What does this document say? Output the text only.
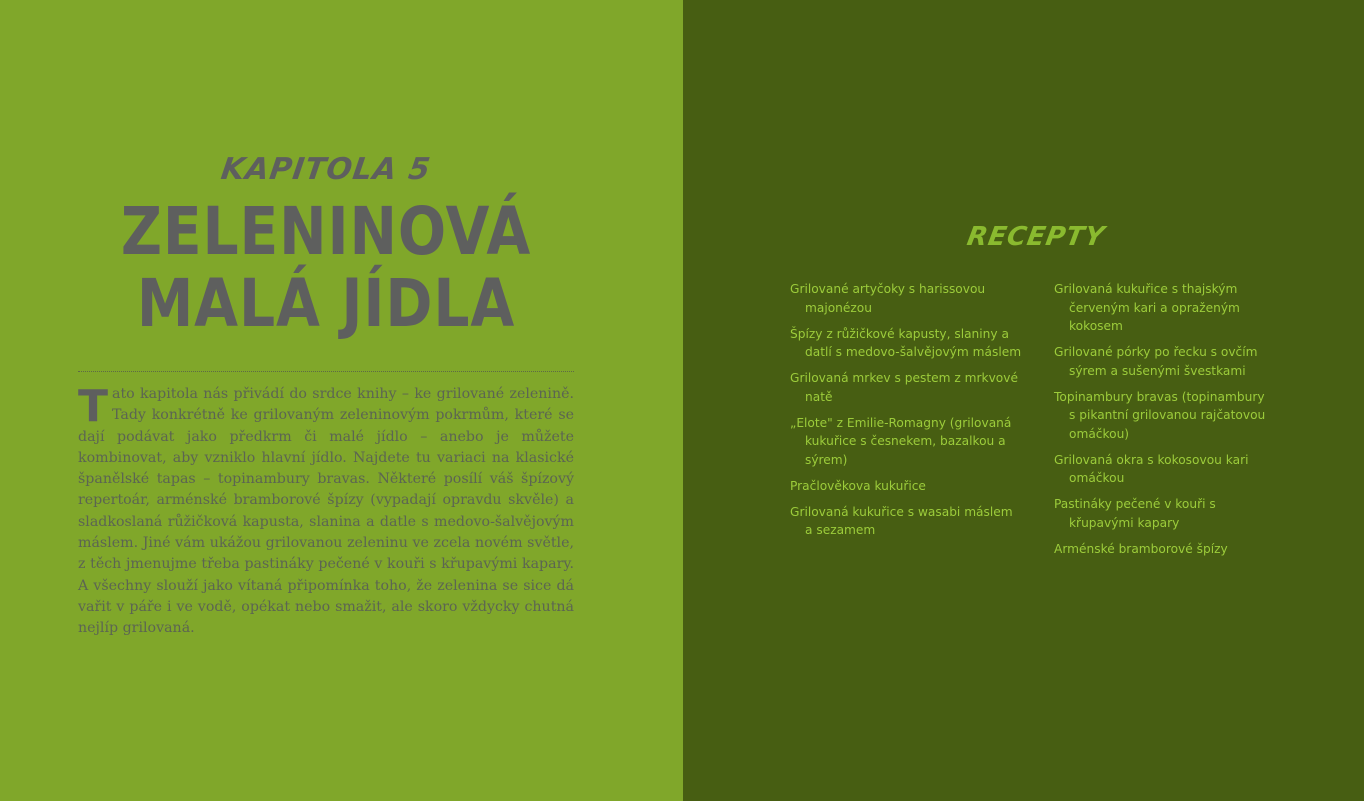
KAPITOLA 5
ZELENINOVÁ
MALÁ JÍDLA

Tato kapitola nás přivádí do srdce knihy – ke grilované zelenině. Tady konkrétně ke grilovaným zeleninovým pokrmům, které se dají podávat jako předkrm či malé jídlo – anebo je můžete kombinovat, aby vzniklo hlavní jídlo. Najdete tu variaci na klasické španělské tapas – topinambury bravas. Některé posílí váš špízový repertoár, arménské bramborové špízy (vypadají opravdu skvěle) a sladkoslaná růžičková kapusta, slanina a datle s medovo-šalvějovým máslem. Jiné vám ukážou grilovanou zeleninu ve zcela novém světle, z těch jmenujme třeba pastináky pečené v kouři s křupavými kapary. A všechny slouží jako vítaná připomínka toho, že zelenina se sice dá vařit v páře i ve vodě, opékat nebo smažit, ale skoro vždycky chutná nejlíp grilovaná.

RECEPTY
Grilované artyčoky s harissovou majonézou
Špízy z růžičkové kapusty, slaniny a datlí s medovo-šalvějovým máslem
Grilovaná mrkev s pestem z mrkvové natě
„Elote" z Emilie-Romagny (grilovaná kukuřice s česnekem, bazalkou a sýrem)
Pračlověkova kukuřice
Grilovaná kukuřice s wasabi máslem a sezamem
Grilovaná kukuřice s thajským červeným kari a opraženým kokosem
Grilované pórky po řecku s ovčím sýrem a sušenými švestkami
Topinambury bravas (topinambury s pikantní grilovanou rajčatovou omáčkou)
Grilovaná okra s kokosovou kari omáčkou
Pastináky pečené v kouři s křupavými kapary
Arménské bramborové špízy
